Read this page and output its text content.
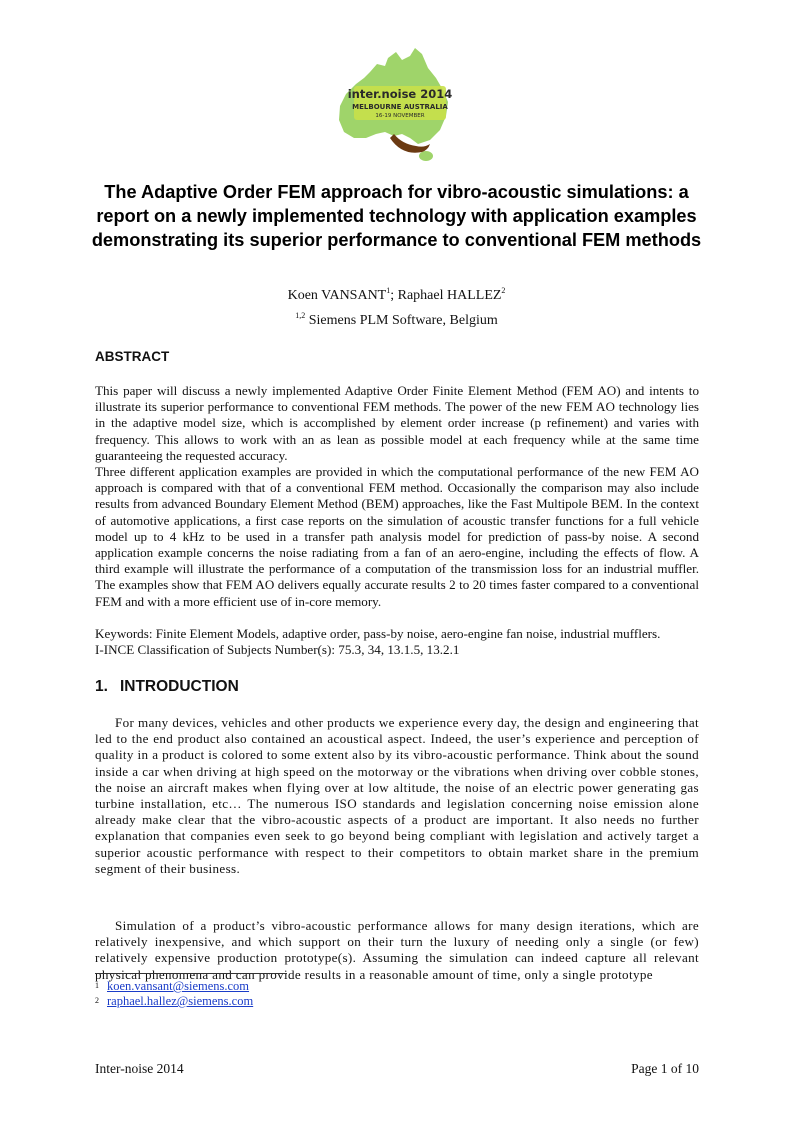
inter.noise 2014
MELBOURNE AUSTRALIA
16-19 NOVEMBER
The Adaptive Order FEM approach for vibro-acoustic simulations: a report on a newly implemented technology with application examples demonstrating its superior performance to conventional FEM methods
Koen VANSANT$^1$; Raphael HALLEZ$^2$
$^{1,2}$ Siemens PLM Software, Belgium
ABSTRACT

This paper will discuss a newly implemented Adaptive Order Finite Element Method (FEM AO) and intents to illustrate its superior performance to conventional FEM methods. The power of the new FEM AO technology lies in the adaptive model size, which is accomplished by element order increase (p refinement) and varies with frequency. This allows to work with an as lean as possible model at each frequency while at the same time guaranteeing the requested accuracy.

Three different application examples are provided in which the computational performance of the new FEM AO approach is compared with that of a conventional FEM method. Occasionally the comparison may also include results from advanced Boundary Element Method (BEM) approaches, like the Fast Multipole BEM. In the context of automotive applications, a first case reports on the simulation of acoustic transfer functions for a full vehicle model up to 4 kHz to be used in a transfer path analysis model for prediction of pass-by noise. A second application example concerns the noise radiating from a fan of an aero-engine, including the effects of flow. A third example will illustrate the performance of a computation of the transmission loss for an industrial muffler. The examples show that FEM AO delivers equally accurate results 2 to 20 times faster compared to a conventional FEM and with a more efficient use of in-core memory.

Keywords: Finite Element Models, adaptive order, pass-by noise, aero-engine fan noise, industrial mufflers.

I-INCE Classification of Subjects Number(s): 75.3, 34, 13.1.5, 13.2.1

1. INTRODUCTION

For many devices, vehicles and other products we experience every day, the design and engineering that led to the end product also contained an acoustical aspect. Indeed, the user’s experience and perception of quality in a product is colored to some extent also by its vibro-acoustic performance. Think about the sound inside a car when driving at high speed on the motorway or the vibrations when driving over cobble stones, the noise an aircraft makes when flying over at low altitude, the noise of an electric power generating gas turbine installation, etc… The numerous ISO standards and legislation concerning noise emission alone already make clear that the vibro-acoustic aspects of a product are important. It also needs no further explanation that companies even seek to go beyond being compliant with legislation and actively target a superior acoustic performance with respect to their competitors to obtain market share in the premium segment of their business.

Simulation of a product’s vibro-acoustic performance allows for many design iterations, which are relatively inexpensive, and which support on their turn the luxury of needing only a single (or few) relatively expensive production prototype(s). Assuming the simulation can indeed capture all relevant physical phenomena and can provide results in a reasonable amount of time, only a single prototype

1 koen.vansant@siemens.com
2 raphael.hallez@siemens.com
Inter-noise 2014	Page 1 of 10
